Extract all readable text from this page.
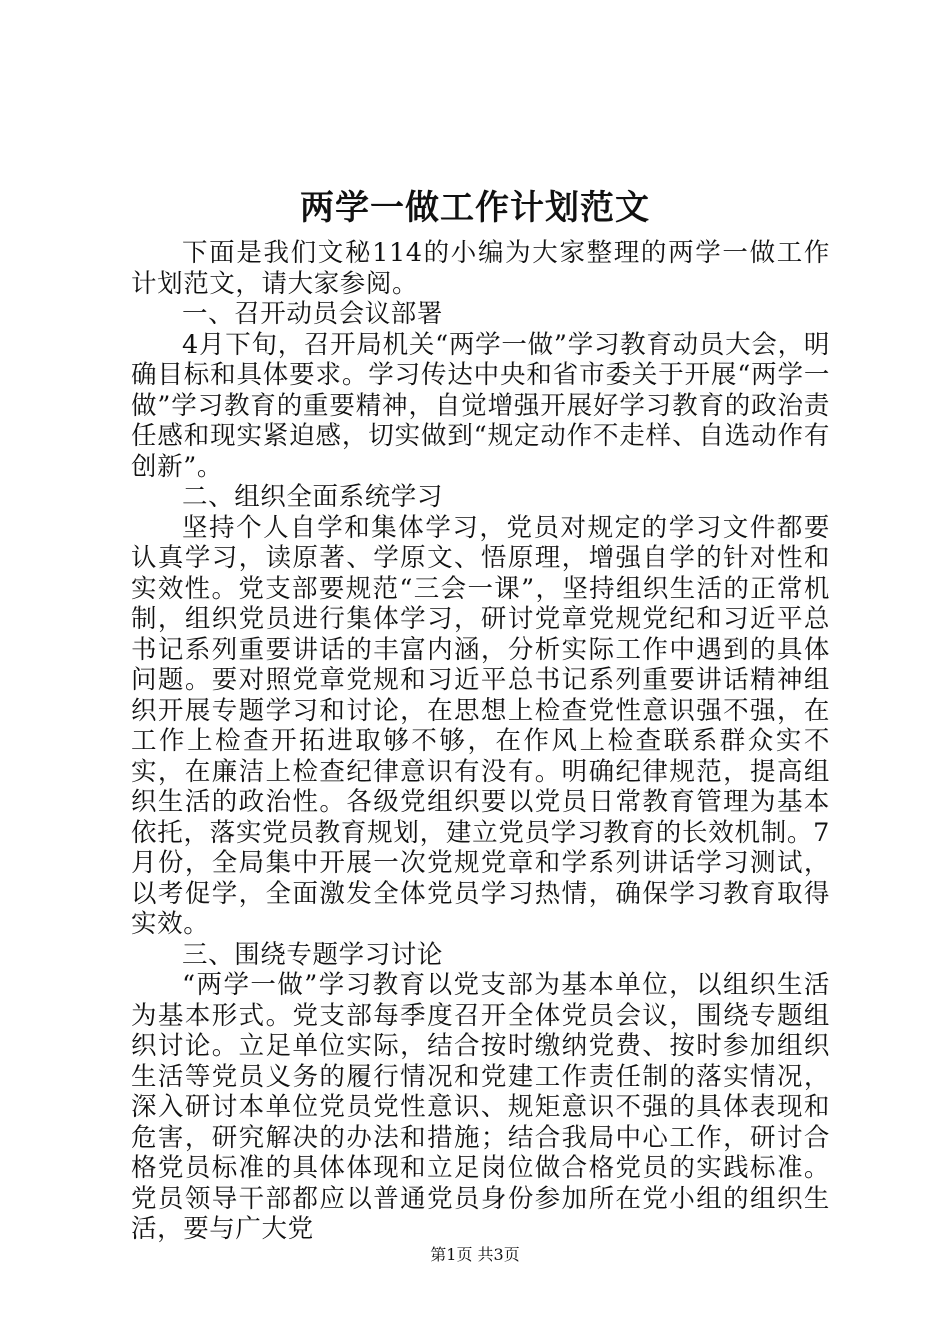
两学一做工作计划范文

下面是我们文秘114的小编为大家整理的两学一做工作计划范文，请大家参阅。

一、召开动员会议部署

4月下旬，召开局机关“两学一做”学习教育动员大会，明确目标和具体要求。学习传达中央和省市委关于开展“两学一做”学习教育的重要精神，自觉增强开展好学习教育的政治责任感和现实紧迫感，切实做到“规定动作不走样、自选动作有创新”。

二、组织全面系统学习

坚持个人自学和集体学习，党员对规定的学习文件都要认真学习，读原著、学原文、悟原理，增强自学的针对性和实效性。党支部要规范“三会一课”，坚持组织生活的正常机制，组织党员进行集体学习，研讨党章党规党纪和习近平总书记系列重要讲话的丰富内涵，分析实际工作中遇到的具体问题。要对照党章党规和习近平总书记系列重要讲话精神组织开展专题学习和讨论，在思想上检查党性意识强不强，在工作上检查开拓进取够不够，在作风上检查联系群众实不实，在廉洁上检查纪律意识有没有。明确纪律规范，提高组织生活的政治性。各级党组织要以党员日常教育管理为基本依托，落实党员教育规划，建立党员学习教育的长效机制。7月份，全局集中开展一次党规党章和学系列讲话学习测试，以考促学，全面激发全体党员学习热情，确保学习教育取得实效。

三、围绕专题学习讨论

“两学一做”学习教育以党支部为基本单位，以组织生活为基本形式。党支部每季度召开全体党员会议，围绕专题组织讨论。立足单位实际，结合按时缴纳党费、按时参加组织生活等党员义务的履行情况和党建工作责任制的落实情况，深入研讨本单位党员党性意识、规矩意识不强的具体表现和危害，研究解决的办法和措施；结合我局中心工作，研讨合格党员标准的具体体现和立足岗位做合格党员的实践标准。党员领导干部都应以普通党员身份参加所在党小组的组织生活，要与广大党

第1页 共3页
